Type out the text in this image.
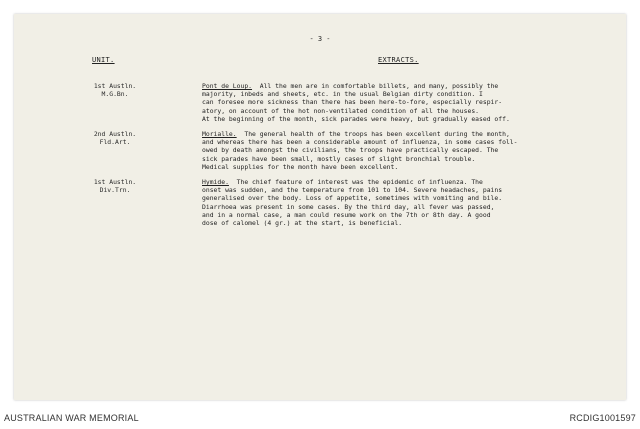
- 3 -
UNIT.	EXTRACTS.
1st Austln.
M.G.Bn.
Pont de Loup. All the men are in comfortable billets, and many, possibly the
majority, inbeds and sheets, etc. in the usual Belgian dirty condition. I
can foresee more sickness than there has been here-to-fore, especially respir-
atory, on account of the hot non-ventilated condition of all the houses.
At the beginning of the month, sick parades were heavy, but gradually eased off.
2nd Austln.
Fld.Art.
Morialle. The general health of the troops has been excellent during the month,
and whereas there has been a considerable amount of influenza, in some cases foll-
owed by death amongst the civilians, the troops have practically escaped. The
sick parades have been small, mostly cases of slight bronchial trouble.
Medical supplies for the month have been excellent.
1st Austln.
Div.Trn.
Hymide. The chief feature of interest was the epidemic of influenza. The
onset was sudden, and the temperature from 101 to 104. Severe headaches, pains
generalised over the body. Loss of appetite, sometimes with vomiting and bile.
Diarrhoea was present in some cases. By the third day, all fever was passed,
and in a normal case, a man could resume work on the 7th or 8th day. A good
dose of calomel (4 gr.) at the start, is beneficial.
AUSTRALIAN WAR MEMORIAL	RCDIG1001597
